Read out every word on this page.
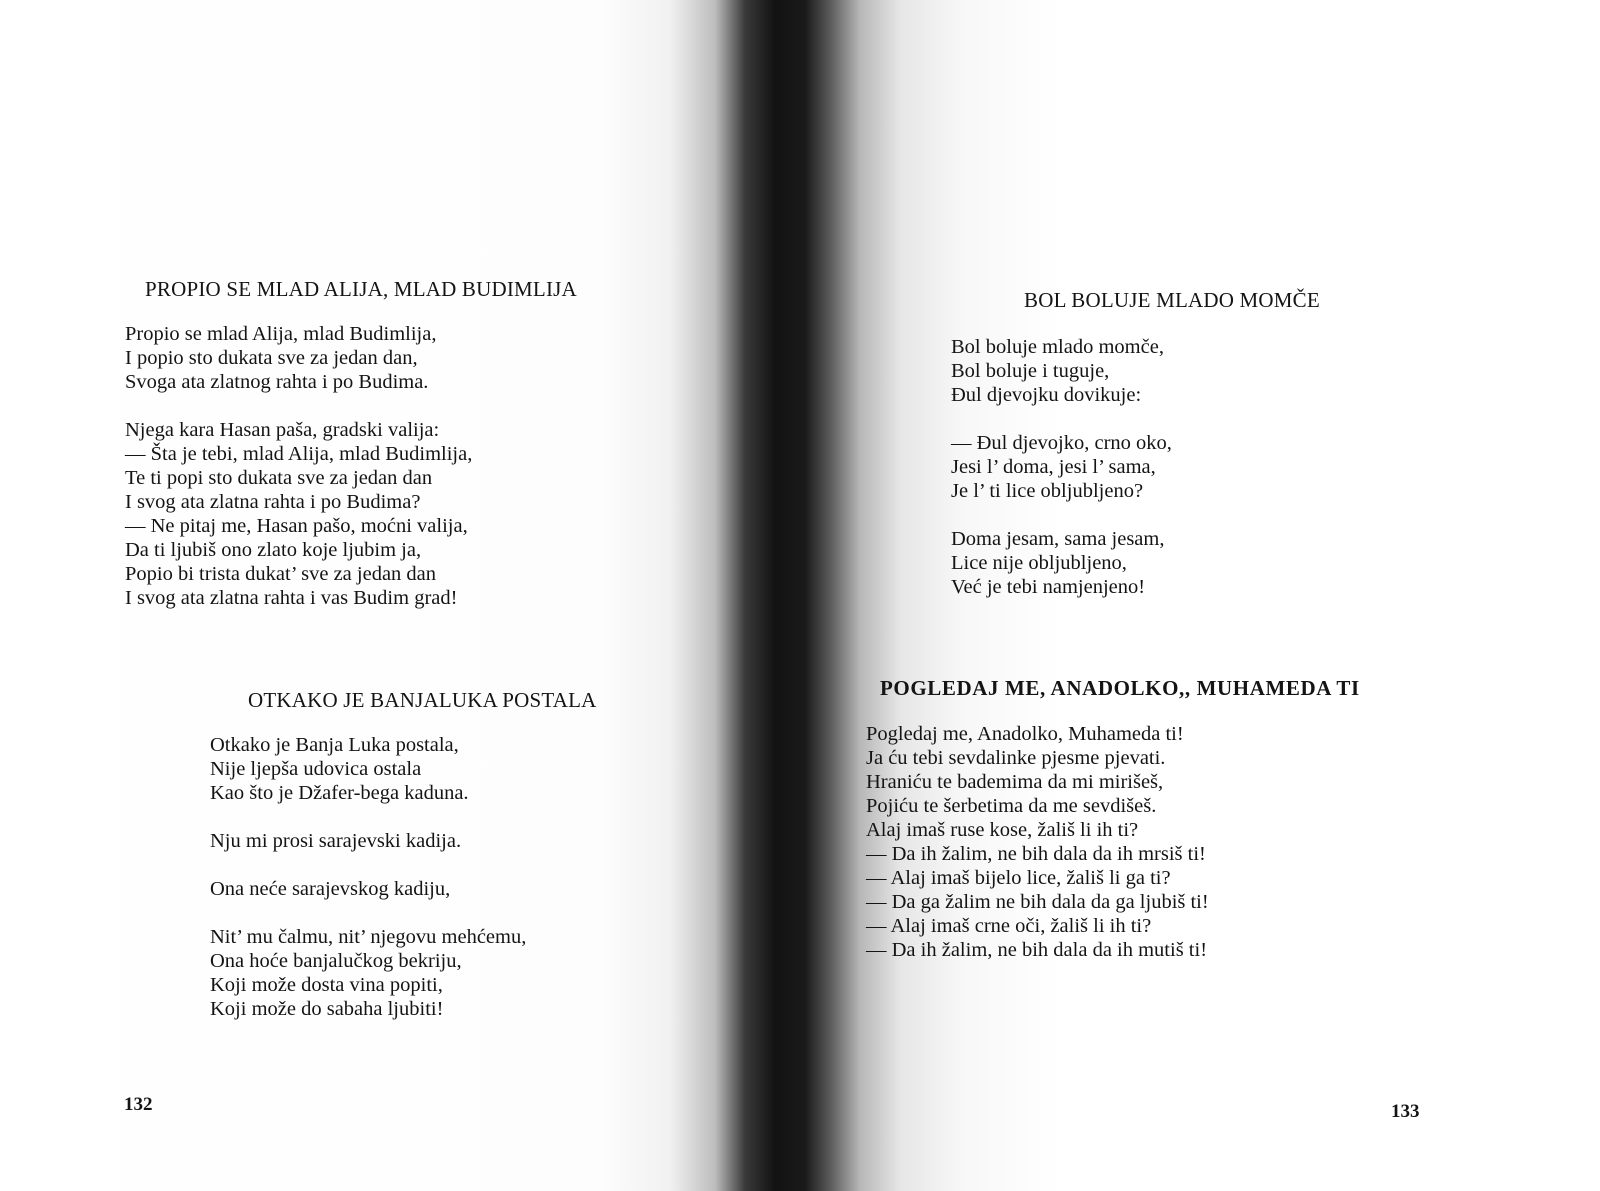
PROPIO SE MLAD ALIJA, MLAD BUDIMLIJA
Propio se mlad Alija, mlad Budimlija,
I popio sto dukata sve za jedan dan,
Svoga ata zlatnog rahta i po Budima.
Njega kara Hasan paša, gradski valija:
— Šta je tebi, mlad Alija, mlad Budimlija,
Te ti popi sto dukata sve za jedan dan
I svog ata zlatna rahta i po Budima?
— Ne pitaj me, Hasan pašo, moćni valija,
Da ti ljubiš ono zlato koje ljubim ja,
Popio bi trista dukat’ sve za jedan dan
I svog ata zlatna rahta i vas Budim grad!
OTKAKO JE BANJALUKA POSTALA
Otkako je Banja Luka postala,
Nije ljepša udovica ostala
Kao što je Džafer-bega kaduna.
Nju mi prosi sarajevski kadija.
Ona neće sarajevskog kadiju,
Nit’ mu čalmu, nit’ njegovu mehćemu,
Ona hoće banjalučkog bekriju,
Koji može dosta vina popiti,
Koji može do sabaha ljubiti!
132
BOL BOLUJE MLADO MOMČE
Bol boluje mlado momče,
Bol boluje i tuguje,
Đul djevojku dovikuje:
— Đul djevojko, crno oko,
Jesi l’ doma, jesi l’ sama,
Je l’ ti lice obljubljeno?
Doma jesam, sama jesam,
Lice nije obljubljeno,
Već je tebi namjenjeno!
POGLEDAJ ME, ANADOLKO,, MUHAMEDA TI
Pogledaj me, Anadolko, Muhameda ti!
Ja ću tebi sevdalinke pjesme pjevati.
Hraniću te bademima da mi mirišeš,
Pojiću te šerbetima da me sevdišeš.
Alaj imaš ruse kose, žališ li ih ti?
— Da ih žalim, ne bih dala da ih mrsiš ti!
— Alaj imaš bijelo lice, žališ li ga ti?
— Da ga žalim ne bih dala da ga ljubiš ti!
— Alaj imaš crne oči, žališ li ih ti?
— Da ih žalim, ne bih dala da ih mutiš ti!
133
